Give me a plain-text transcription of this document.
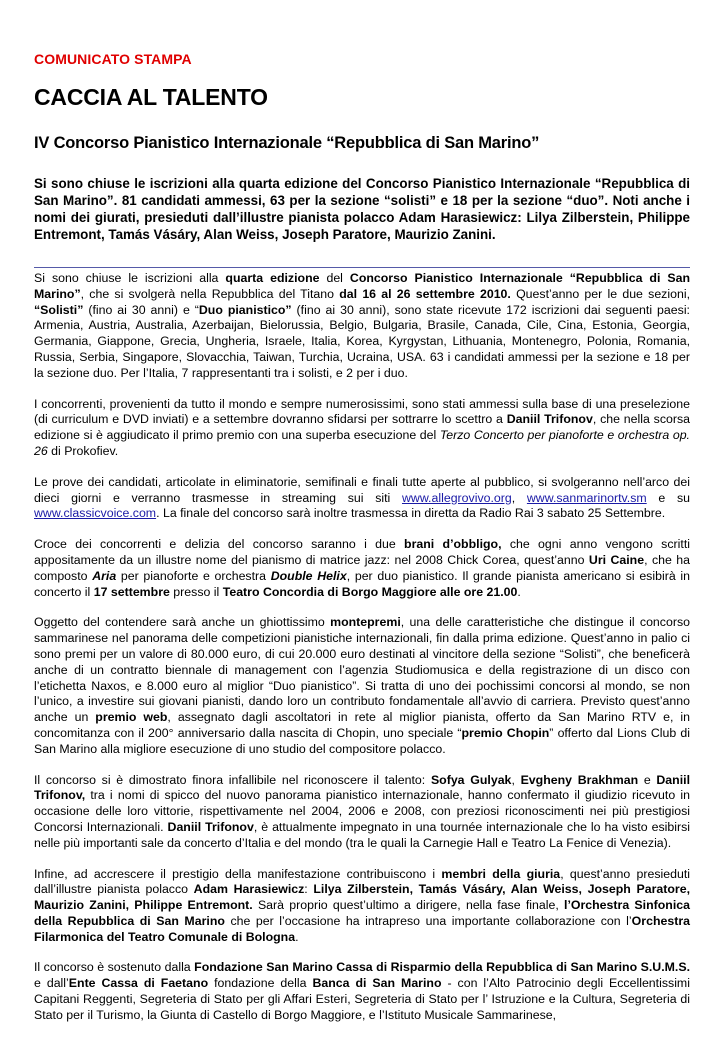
COMUNICATO STAMPA
CACCIA AL TALENTO
IV Concorso Pianistico Internazionale “Repubblica di San Marino”
Si sono chiuse le iscrizioni alla quarta edizione del Concorso Pianistico Internazionale “Repubblica di San Marino”. 81 candidati ammessi, 63 per la sezione “solisti” e 18 per la sezione “duo”. Noti anche i nomi dei giurati, presieduti dall’illustre pianista polacco Adam Harasiewicz: Lilya Zilberstein, Philippe Entremont, Tamás Vásáry, Alan Weiss, Joseph Paratore, Maurizio Zanini.

Si sono chiuse le iscrizioni alla quarta edizione del Concorso Pianistico Internazionale “Repubblica di San Marino”, che si svolgerà nella Repubblica del Titano dal 16 al 26 settembre 2010. Quest’anno per le due sezioni, “Solisti” (fino ai 30 anni) e “Duo pianistico” (fino ai 30 anni), sono state ricevute 172 iscrizioni dai seguenti paesi: Armenia, Austria, Australia, Azerbaijan, Bielorussia, Belgio, Bulgaria, Brasile, Canada, Cile, Cina, Estonia, Georgia, Germania, Giappone, Grecia, Ungheria, Israele, Italia, Korea, Kyrgystan, Lithuania, Montenegro, Polonia, Romania, Russia, Serbia, Singapore, Slovacchia, Taiwan, Turchia, Ucraina, USA. 63 i candidati ammessi per la sezione e 18 per la sezione duo. Per l’Italia, 7 rappresentanti tra i solisti, e 2 per i duo.

I concorrenti, provenienti da tutto il mondo e sempre numerosissimi, sono stati ammessi sulla base di una preselezione (di curriculum e DVD inviati) e a settembre dovranno sfidarsi per sottrarre lo scettro a Daniil Trifonov, che nella scorsa edizione si è aggiudicato il primo premio con una superba esecuzione del Terzo Concerto per pianoforte e orchestra op. 26 di Prokofiev.

Le prove dei candidati, articolate in eliminatorie, semifinali e finali tutte aperte al pubblico, si svolgeranno nell’arco dei dieci giorni e verranno trasmesse in streaming sui siti www.allegrovivo.org, www.sanmarinortv.sm e su www.classicvoice.com. La finale del concorso sarà inoltre trasmessa in diretta da Radio Rai 3 sabato 25 Settembre.

Croce dei concorrenti e delizia del concorso saranno i due brani d’obbligo, che ogni anno vengono scritti appositamente da un illustre nome del pianismo di matrice jazz: nel 2008 Chick Corea, quest’anno Uri Caine, che ha composto Aria per pianoforte e orchestra Double Helix, per duo pianistico. Il grande pianista americano si esibirà in concerto il 17 settembre presso il Teatro Concordia di Borgo Maggiore alle ore 21.00.

Oggetto del contendere sarà anche un ghiottissimo montepremi, una delle caratteristiche che distingue il concorso sammarinese nel panorama delle competizioni pianistiche internazionali, fin dalla prima edizione. Quest’anno in palio ci sono premi per un valore di 80.000 euro, di cui 20.000 euro destinati al vincitore della sezione “Solisti”, che beneficerà anche di un contratto biennale di management con l’agenzia Studiomusica e della registrazione di un disco con l’etichetta Naxos, e 8.000 euro al miglior “Duo pianistico”. Si tratta di uno dei pochissimi concorsi al mondo, se non l’unico, a investire sui giovani pianisti, dando loro un contributo fondamentale all’avvio di carriera. Previsto quest’anno anche un premio web, assegnato dagli ascoltatori in rete al miglior pianista, offerto da San Marino RTV e, in concomitanza con il 200° anniversario dalla nascita di Chopin, uno speciale “premio Chopin” offerto dal Lions Club di San Marino alla migliore esecuzione di uno studio del compositore polacco.

Il concorso si è dimostrato finora infallibile nel riconoscere il talento: Sofya Gulyak, Evgheny Brakhman e Daniil Trifonov, tra i nomi di spicco del nuovo panorama pianistico internazionale, hanno confermato il giudizio ricevuto in occasione delle loro vittorie, rispettivamente nel 2004, 2006 e 2008, con preziosi riconoscimenti nei più prestigiosi Concorsi Internazionali. Daniil Trifonov, è attualmente impegnato in una tournée internazionale che lo ha visto esibirsi nelle più importanti sale da concerto d’Italia e del mondo (tra le quali la Carnegie Hall e Teatro La Fenice di Venezia).

Infine, ad accrescere il prestigio della manifestazione contribuiscono i membri della giuria, quest’anno presieduti dall’illustre pianista polacco Adam Harasiewicz: Lilya Zilberstein, Tamás Vásáry, Alan Weiss, Joseph Paratore, Maurizio Zanini, Philippe Entremont. Sarà proprio quest’ultimo a dirigere, nella fase finale, l’Orchestra Sinfonica della Repubblica di San Marino che per l’occasione ha intrapreso una importante collaborazione con l’Orchestra Filarmonica del Teatro Comunale di Bologna.

Il concorso è sostenuto dalla Fondazione San Marino Cassa di Risparmio della Repubblica di San Marino S.U.M.S. e dall’Ente Cassa di Faetano fondazione della Banca di San Marino - con l’Alto Patrocinio degli Eccellentissimi Capitani Reggenti, Segreteria di Stato per gli Affari Esteri, Segreteria di Stato per l’ Istruzione e la Cultura, Segreteria di Stato per il Turismo, la Giunta di Castello di Borgo Maggiore, e l’Istituto Musicale Sammarinese,
